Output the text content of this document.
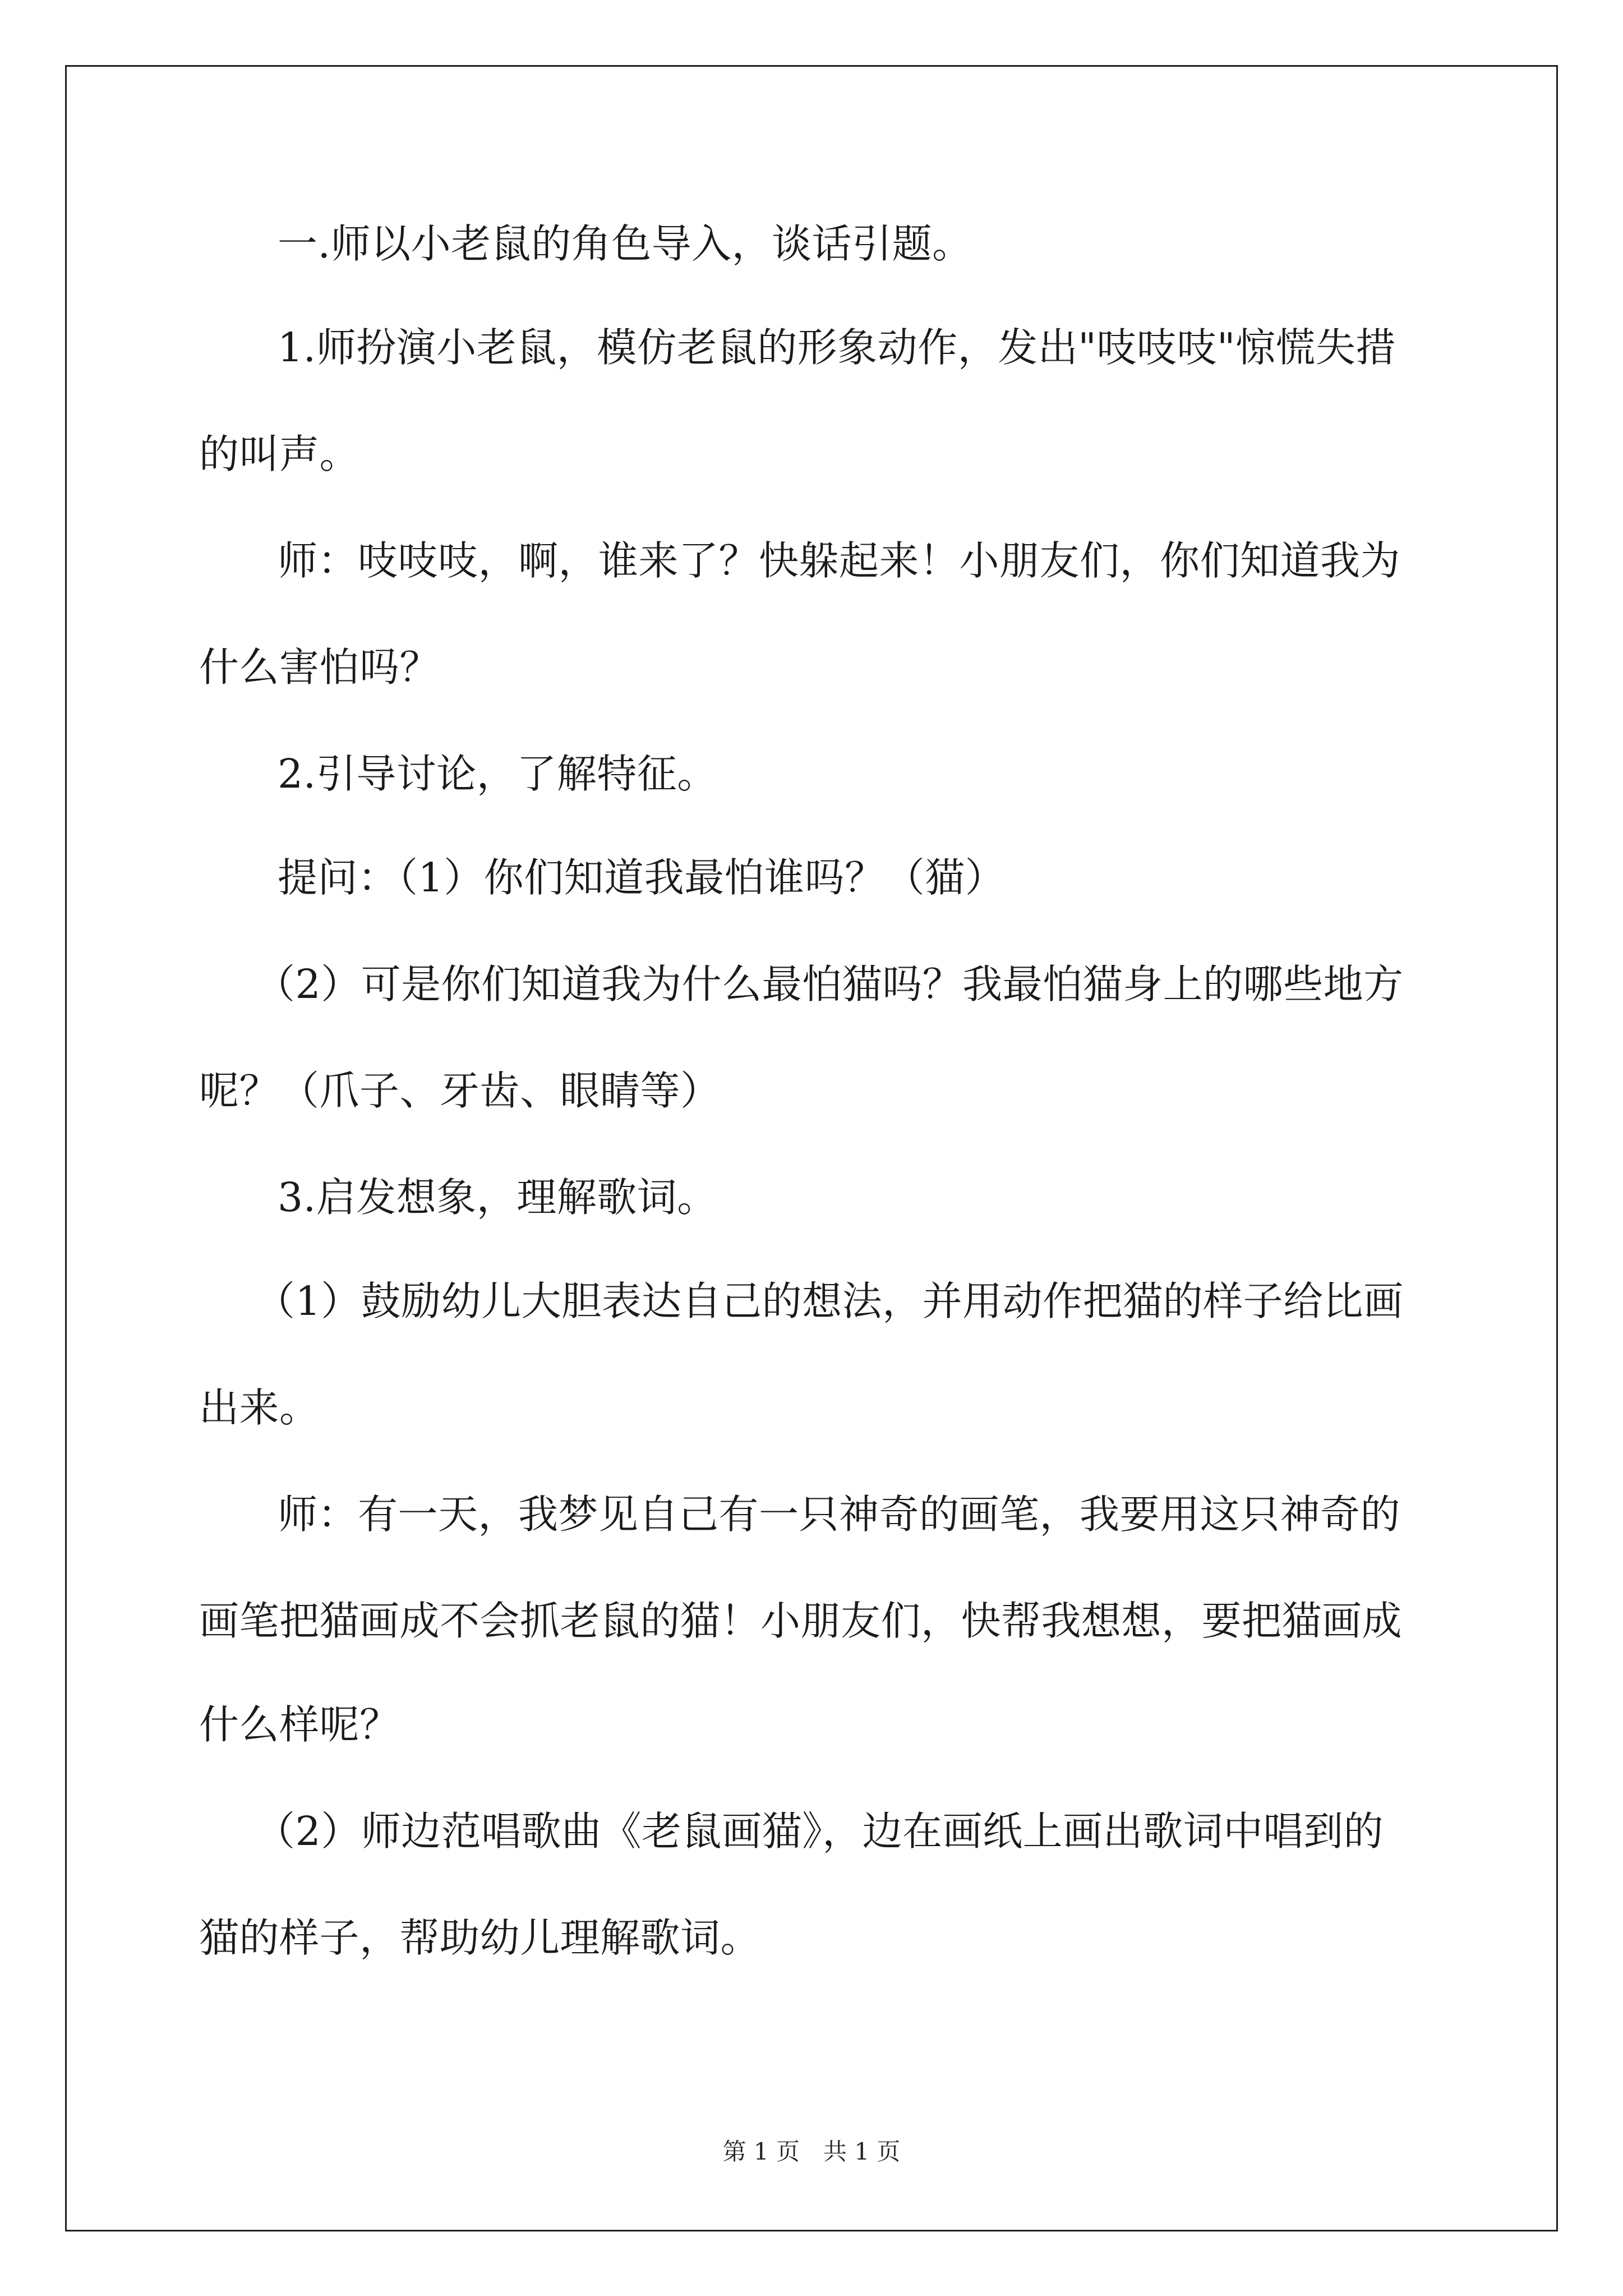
一.师以小老鼠的角色导入，谈话引题。
1.师扮演小老鼠，模仿老鼠的形象动作，发出"吱吱吱"惊慌失措
的叫声。
师：吱吱吱，啊，谁来了？快躲起来！小朋友们，你们知道我为
什么害怕吗？
2.引导讨论，了解特征。
提问：（1）你们知道我最怕谁吗？（猫）
（2）可是你们知道我为什么最怕猫吗？我最怕猫身上的哪些地方
呢？（爪子、牙齿、眼睛等）
3.启发想象，理解歌词。
（1）鼓励幼儿大胆表达自己的想法，并用动作把猫的样子给比画
出来。
师：有一天，我梦见自己有一只神奇的画笔，我要用这只神奇的
画笔把猫画成不会抓老鼠的猫！小朋友们，快帮我想想，要把猫画成
什么样呢？
（2）师边范唱歌曲《老鼠画猫》，边在画纸上画出歌词中唱到的
猫的样子，帮助幼儿理解歌词。
第 1 页　共 1 页
